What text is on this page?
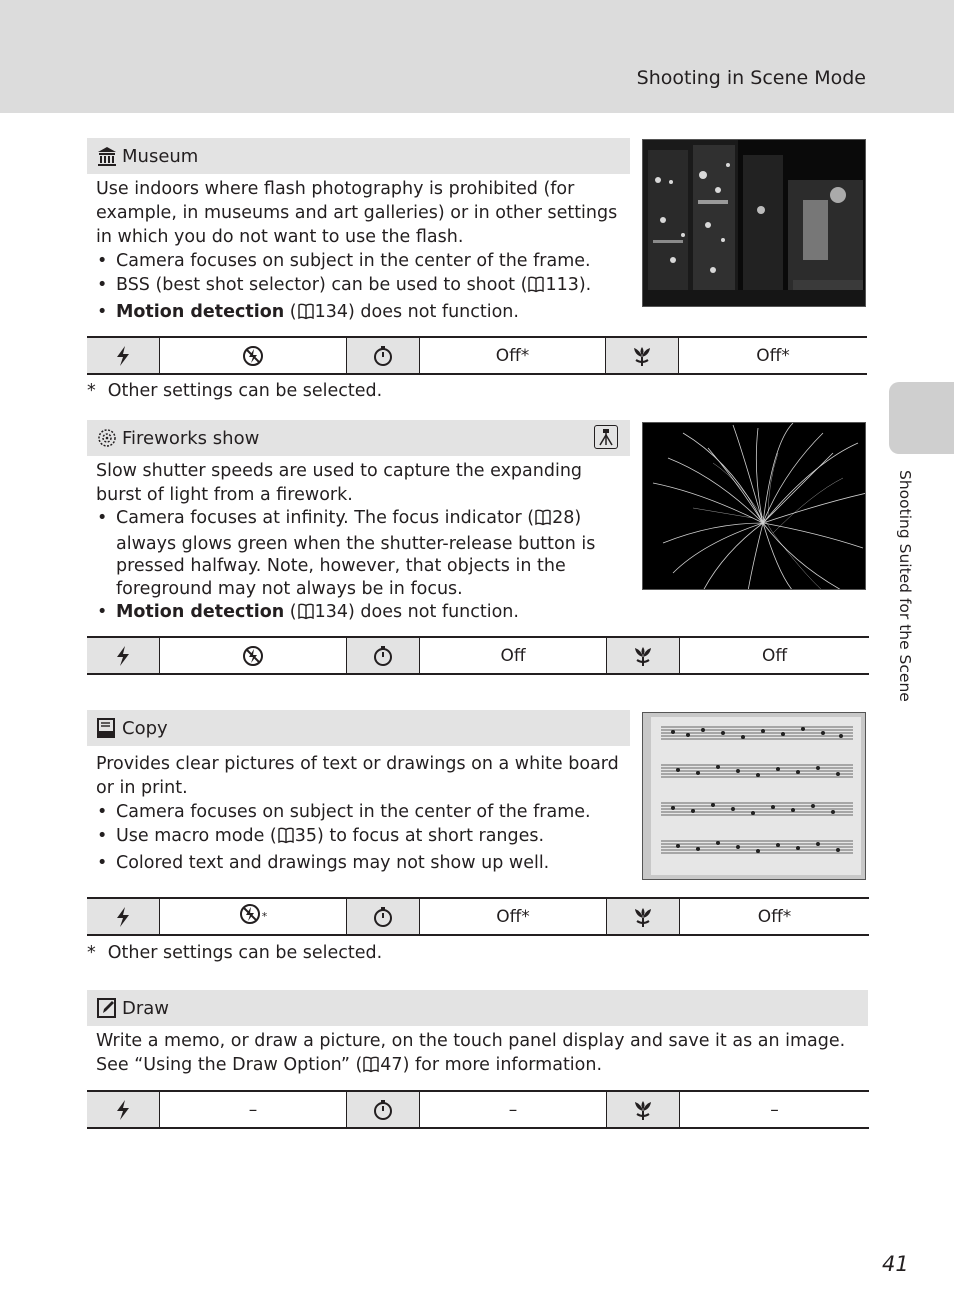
Shooting in Scene Mode
Shooting Suited for the Scene
Museum
Use indoors where flash photography is prohibited (for example, in museums and art galleries) or in other settings in which you do not want to use the flash.
• Camera focuses on subject in the center of the frame.
• BSS (best shot selector) can be used to shoot ( 113).
• Motion detection ( 134) does not function.
Off*	Off*
* Other settings can be selected.
Fireworks show
Slow shutter speeds are used to capture the expanding burst of light from a firework.
• Camera focuses at infinity. The focus indicator ( 28) always glows green when the shutter-release button is pressed halfway. Note, however, that objects in the foreground may not always be in focus.
• Motion detection ( 134) does not function.
Off	Off
Copy
Provides clear pictures of text or drawings on a white board or in print.
• Camera focuses on subject in the center of the frame.
• Use macro mode ( 35) to focus at short ranges.
• Colored text and drawings may not show up well.
*	Off*	Off*
* Other settings can be selected.
Draw
Write a memo, or draw a picture, on the touch panel display and save it as an image.
See “Using the Draw Option” ( 47) for more information.
–	–	–
41
